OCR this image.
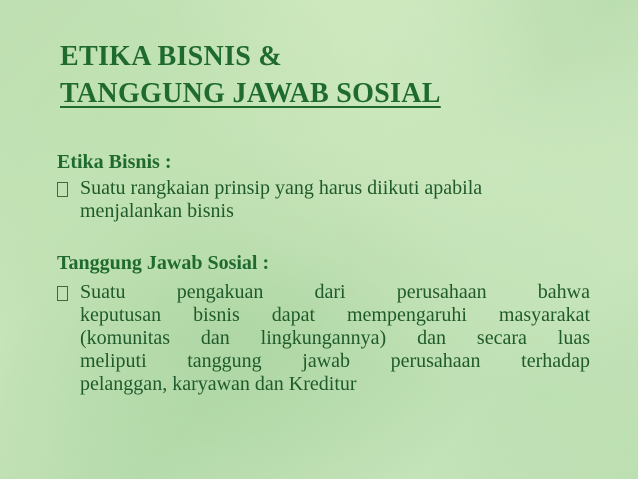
ETIKA BISNIS &
TANGGUNG JAWAB SOSIAL
Etika Bisnis :
Suatu rangkaian prinsip yang harus diikuti apabila
menjalankan bisnis
Tanggung Jawab Sosial :
Suatu pengakuan dari perusahaan bahwa
keputusan bisnis dapat mempengaruhi masyarakat
(komunitas dan lingkungannya) dan secara luas
meliputi tanggung jawab perusahaan terhadap
pelanggan, karyawan dan Kreditur
